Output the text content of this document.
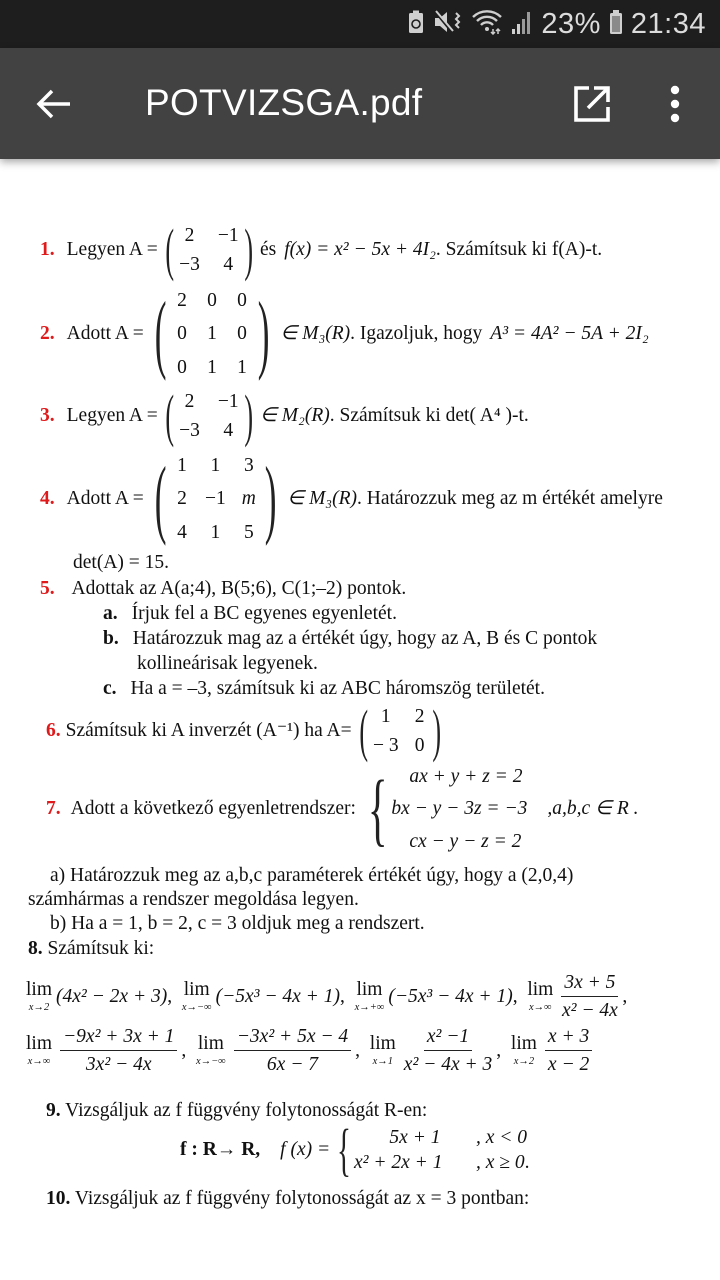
23% 21:34
POTVIZSGA.pdf
1. Legyen A = ( 2 −1
−3 4 ) és f(x) = x² − 5x + 4I₂ . Számítsuk ki f(A)-t.
2. Adott A = ( 2 0 0
0 1 0
0 1 1 ) ∈ M₃(R) . Igazoljuk, hogy A³ = 4A² − 5A + 2I₂
3. Legyen A = ( 2 −1
−3 4 ) ∈ M₂(R) . Számítsuk ki det( A⁴ )-t.
4. Adott A = ( 1 1 3
2 −1 m
4 1 5 ) ∈ M₃(R) . Határozzuk meg az m értékét amelyre
det(A) = 15.
5. Adottak az A(a;4), B(5;6), C(1;–2) pontok.
a. Írjuk fel a BC egyenes egyenletét.
b. Határozzuk mag az a értékét úgy, hogy az A, B és C pontok
kollineárisak legyenek.
c. Ha a = –3, számítsuk ki az ABC háromszög területét.
6. Számítsuk ki A inverzét (A⁻¹) ha A= ( 1	2
− 3 0 )
7. Adott a következő egyenletrendszer: { ax + y + z = 2
bx − y − 3z = −3
cx − y − z = 2
,a,b,c ∈ R .
a) Határozzuk meg az a,b,c paraméterek értékét úgy, hogy a (2,0,4)
számhármas a rendszer megoldása legyen.
b) Ha a = 1, b = 2, c = 3 oldjuk meg a rendszert.
8. Számítsuk ki:
lim
x→2
(4x² − 2x + 3) , lim
x→−∞
(−5x³ − 4x + 1) , lim
x→+∞
(−5x³ − 4x + 1) , lim
$x\to\infty \frac{3x + 5}{\text{x² − 4x}}$ ,
lim
$x\to\infty \frac{\text{−9x² + 3x + 1}}{\text{3x² − 4x}}$ , lim
$x\to-\infty \frac{\text{−3x² + 5x − 4}}{6x - 7}$ , lim
$x\to 1 \frac{\text{x² −1}}{\text{x² − 4x + 3}}$ , lim
$x\to 2 \frac{x + 3}{x - 2}$
9. Vizsgáljuk az f függvény folytonosságát R-en:
f : R→ R, f (x) = {	5x + 1	, x < 0
x² + 2x + 1	, x ≥ 0 .
10. Vizsgáljuk az f függvény folytonosságát az x = 3 pontban:
